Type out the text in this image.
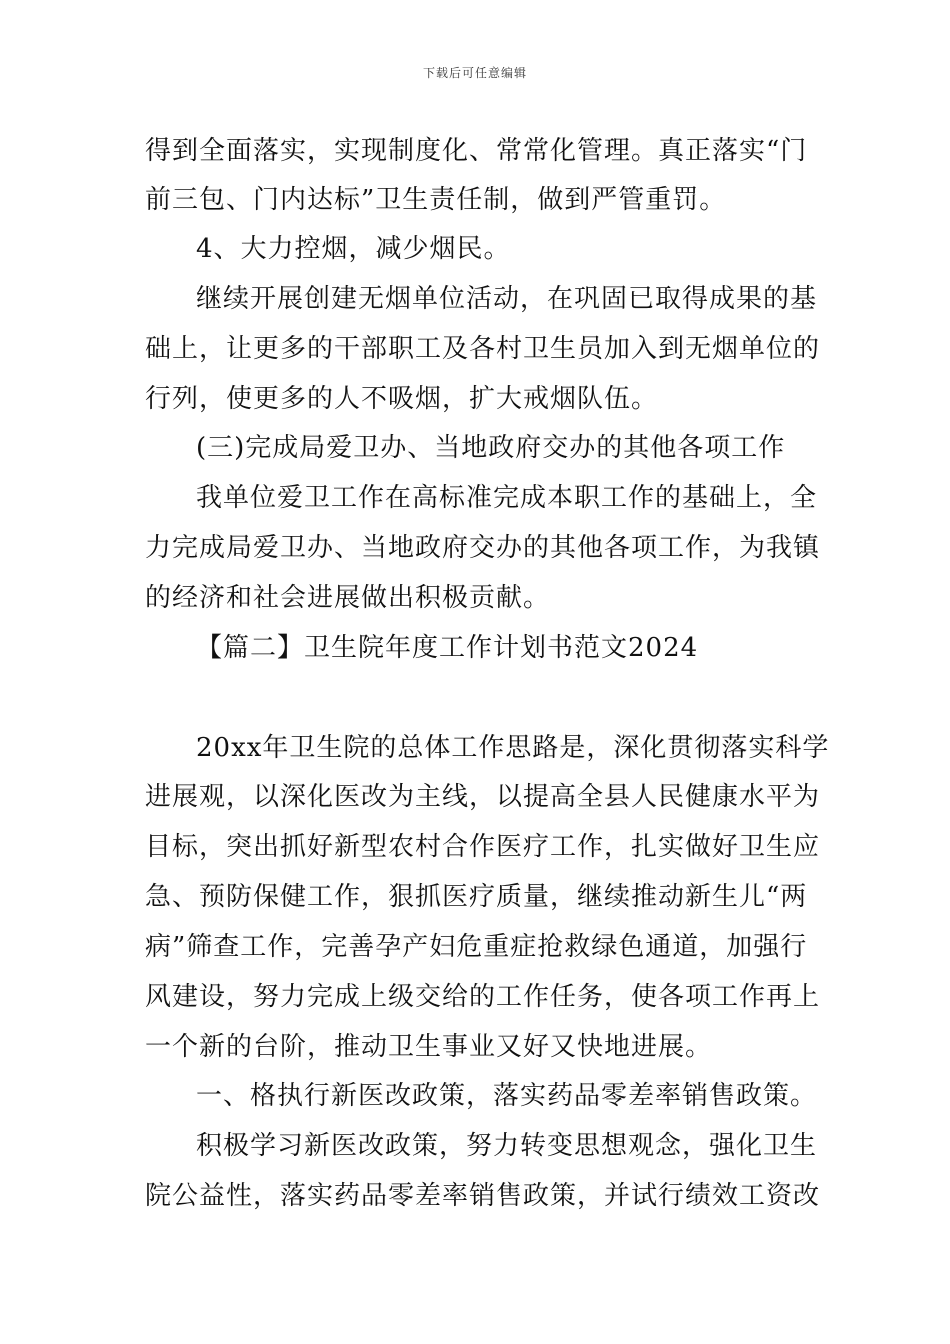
下载后可任意编辑
得到全面落实，实现制度化、常常化管理。真正落实“门
前三包、门内达标”卫生责任制，做到严管重罚。
4、大力控烟，减少烟民。
继续开展创建无烟单位活动，在巩固已取得成果的基
础上，让更多的干部职工及各村卫生员加入到无烟单位的
行列，使更多的人不吸烟，扩大戒烟队伍。
(三)完成局爱卫办、当地政府交办的其他各项工作
我单位爱卫工作在高标准完成本职工作的基础上，全
力完成局爱卫办、当地政府交办的其他各项工作，为我镇
的经济和社会进展做出积极贡献。
【篇二】卫生院年度工作计划书范文2024
20xx年卫生院的总体工作思路是，深化贯彻落实科学
进展观，以深化医改为主线，以提高全县人民健康水平为
目标，突出抓好新型农村合作医疗工作，扎实做好卫生应
急、预防保健工作，狠抓医疗质量，继续推动新生儿“两
病”筛查工作，完善孕产妇危重症抢救绿色通道，加强行
风建设，努力完成上级交给的工作任务，使各项工作再上
一个新的台阶，推动卫生事业又好又快地进展。
一、格执行新医改政策，落实药品零差率销售政策。
积极学习新医改政策，努力转变思想观念，强化卫生
院公益性，落实药品零差率销售政策，并试行绩效工资改
